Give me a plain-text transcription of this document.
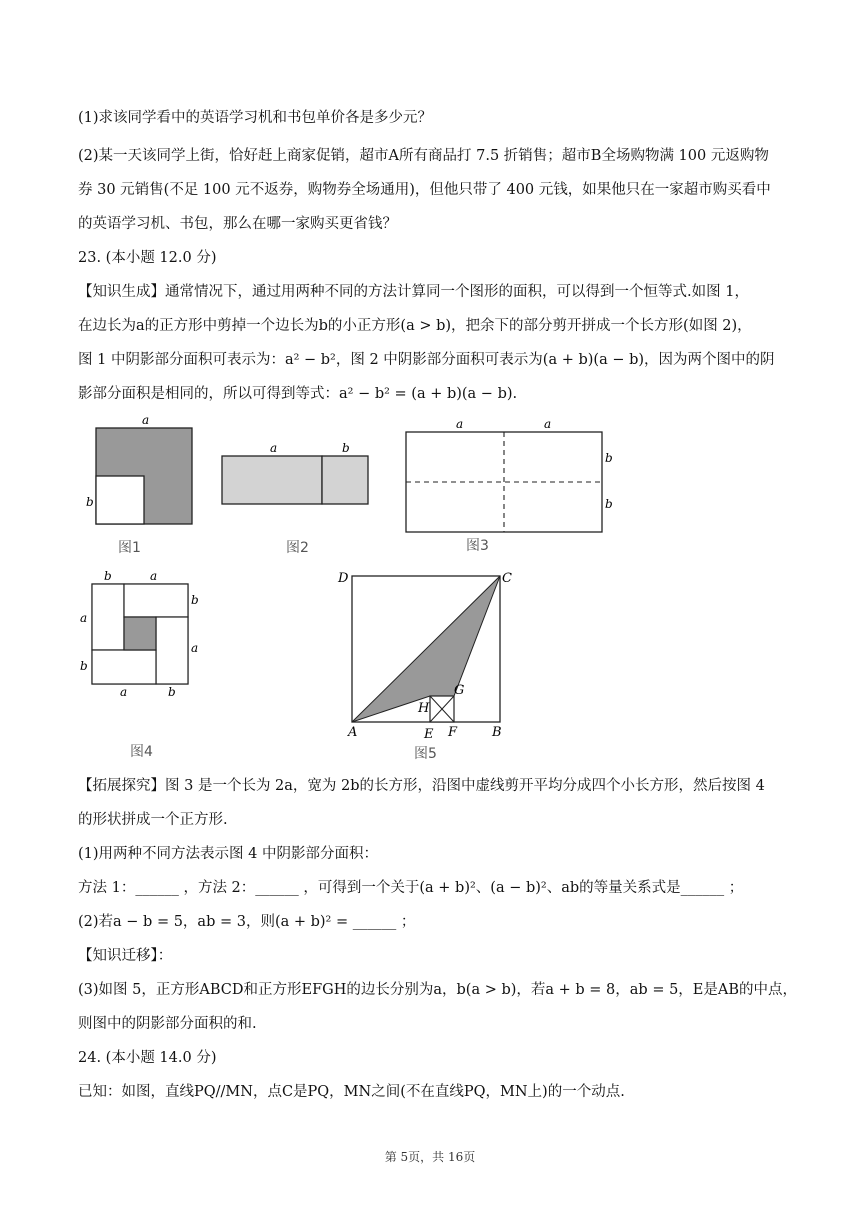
(1)求该同学看中的英语学习机和书包单价各是多少元？
(2)某一天该同学上街，恰好赶上商家促销，超市A所有商品打 7.5 折销售；超市B全场购物满 100 元返购物
券 30 元销售(不足 100 元不返券，购物券全场通用)，但他只带了 400 元钱，如果他只在一家超市购买看中
的英语学习机、书包，那么在哪一家购买更省钱？
23. (本小题 12.0 分)
【知识生成】通常情况下，通过用两种不同的方法计算同一个图形的面积，可以得到一个恒等式.如图 1，
在边长为a的正方形中剪掉一个边长为b的小正方形(a > b)，把余下的部分剪开拼成一个长方形(如图 2)，
图 1 中阴影部分面积可表示为：a² − b²，图 2 中阴影部分面积可表示为(a + b)(a − b)，因为两个图中的阴
影部分面积是相同的，所以可得到等式：a² − b² = (a + b)(a − b).
a
b
图1
a	b
图2
a	a
b
b
图3
b	a
b
a
b
a
a	b
图4
D	C
A	B
E F
G
H
图5
【拓展探究】图 3 是一个长为 2a，宽为 2b的长方形，沿图中虚线剪开平均分成四个小长方形，然后按图 4
的形状拼成一个正方形.
(1)用两种不同方法表示图 4 中阴影部分面积：
方法 1：______ ，方法 2：______ ，可得到一个关于(a + b)²、(a − b)²、ab的等量关系式是______ ；
(2)若a − b = 5，ab = 3，则(a + b)² = ______ ；
【知识迁移】：
(3)如图 5，正方形ABCD和正方形EFGH的边长分别为a，b(a > b)，若a + b = 8，ab = 5，E是AB的中点，
则图中的阴影部分面积的和.
24. (本小题 14.0 分)
已知：如图，直线PQ//MN，点C是PQ，MN之间(不在直线PQ，MN上)的一个动点.
第 5页，共 16页
